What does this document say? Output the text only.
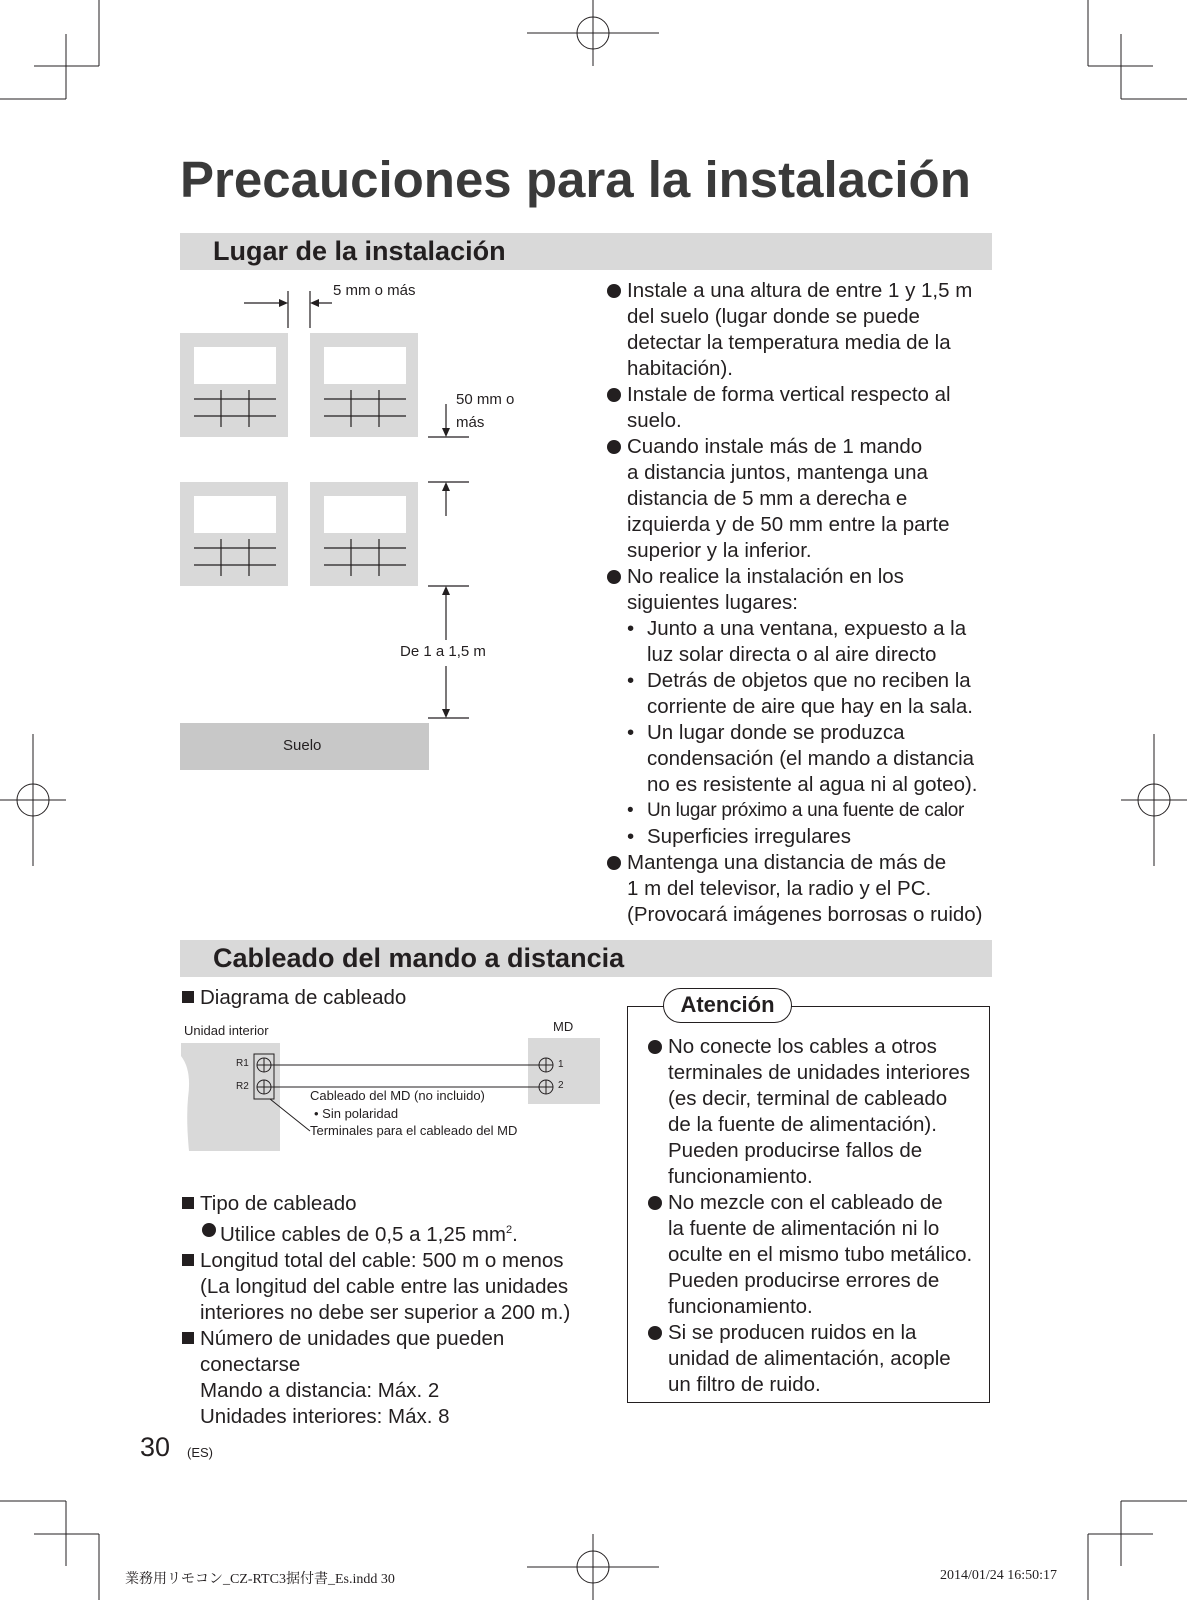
Precauciones para la instalación
Lugar de la instalación
5 mm o más
50 mm o
más
De 1 a 1,5 m
Suelo
Instale a una altura de entre 1 y 1,5 m
del suelo (lugar donde se puede
detectar la temperatura media de la
habitación).
Instale de forma vertical respecto al
suelo.
Cuando instale más de 1 mando
a distancia juntos, mantenga una
distancia de 5 mm a derecha e
izquierda y de 50 mm entre la parte
superior y la inferior.
No realice la instalación en los
siguientes lugares:
• Junto a una ventana, expuesto a la
luz solar directa o al aire directo
• Detrás de objetos que no reciben la
corriente de aire que hay en la sala.
• Un lugar donde se produzca
condensación (el mando a distancia
no es resistente al agua ni al goteo).
• Un lugar próximo a una fuente de calor
• Superficies irregulares
Mantenga una distancia de más de
1 m del televisor, la radio y el PC.
(Provocará imágenes borrosas o ruido)
Cableado del mando a distancia
Diagrama de cableado
Unidad interior	MD
R1
R2
1
2
Cableado del MD (no incluido)
• Sin polaridad
Terminales para el cableado del MD
Tipo de cableado
Utilice cables de 0,5 a 1,25 $mm^2$.
Longitud total del cable: 500 m o menos
(La longitud del cable entre las unidades
interiores no debe ser superior a 200 m.)
Número de unidades que pueden
conectarse
Mando a distancia: Máx. 2
Unidades interiores: Máx. 8
Atención
No conecte los cables a otros
terminales de unidades interiores
(es decir, terminal de cableado
de la fuente de alimentación).
Pueden producirse fallos de
funcionamiento.
No mezcle con el cableado de
la fuente de alimentación ni lo
oculte en el mismo tubo metálico.
Pueden producirse errores de
funcionamiento.
Si se producen ruidos en la
unidad de alimentación, acople
un filtro de ruido.
30 (ES)
業務用リモコン_CZ-RTC3据付書_Es.indd 30	2014/01/24 16:50:17
